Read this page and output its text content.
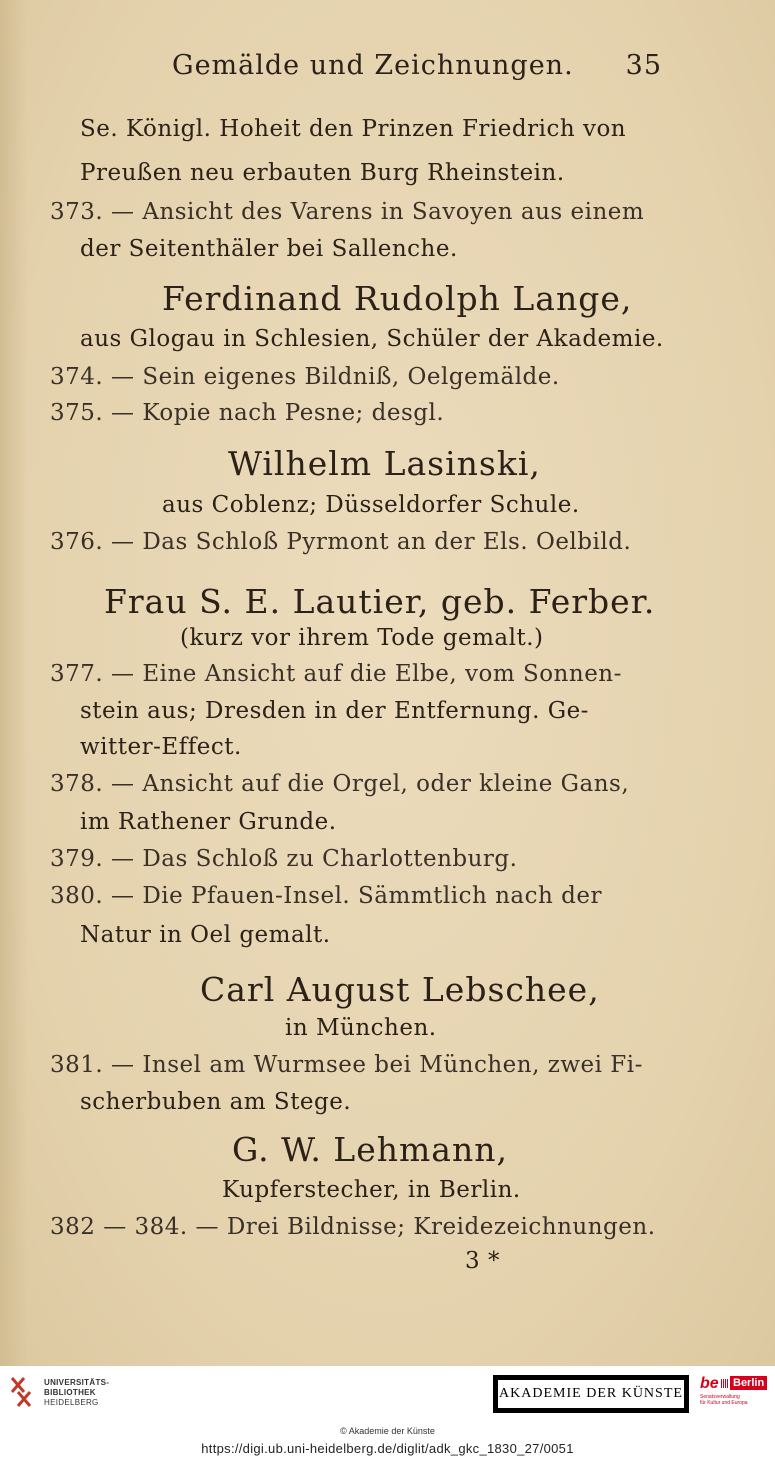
Gemälde und Zeichnungen. 35
Se. Königl. Hoheit den Prinzen Friedrich von
Preußen neu erbauten Burg Rheinstein.
373. — Ansicht des Varens in Savoyen aus einem
der Seitenthäler bei Sallenche.
Ferdinand Rudolph Lange,
aus Glogau in Schlesien, Schüler der Akademie.
374. — Sein eigenes Bildniß, Oelgemälde.
375. — Kopie nach Pesne; desgl.
Wilhelm Lasinski,
aus Coblenz; Düsseldorfer Schule.
376. — Das Schloß Pyrmont an der Els. Oelbild.
Frau S. E. Lautier, geb. Ferber.
(kurz vor ihrem Tode gemalt.)
377. — Eine Ansicht auf die Elbe, vom Sonnen-
stein aus; Dresden in der Entfernung. Ge-
witter-Effect.
378. — Ansicht auf die Orgel, oder kleine Gans,
im Rathener Grunde.
379. — Das Schloß zu Charlottenburg.
380. — Die Pfauen-Insel. Sämmtlich nach der
Natur in Oel gemalt.
Carl August Lebschee,
in München.
381. — Insel am Wurmsee bei München, zwei Fi-
scherbuben am Stege.
G. W. Lehmann,
Kupferstecher, in Berlin.
382 — 384. — Drei Bildnisse; Kreidezeichnungen.
3 *
UNIVERSITÄTS-
BIBLIOTHEK
HEIDELBERG
AKADEMIE DER KÜNSTE
be Berlin
Senatsverwaltung
für Kultur und Europa
© Akademie der Künste
https://digi.ub.uni-heidelberg.de/diglit/adk_gkc_1830_27/0051
